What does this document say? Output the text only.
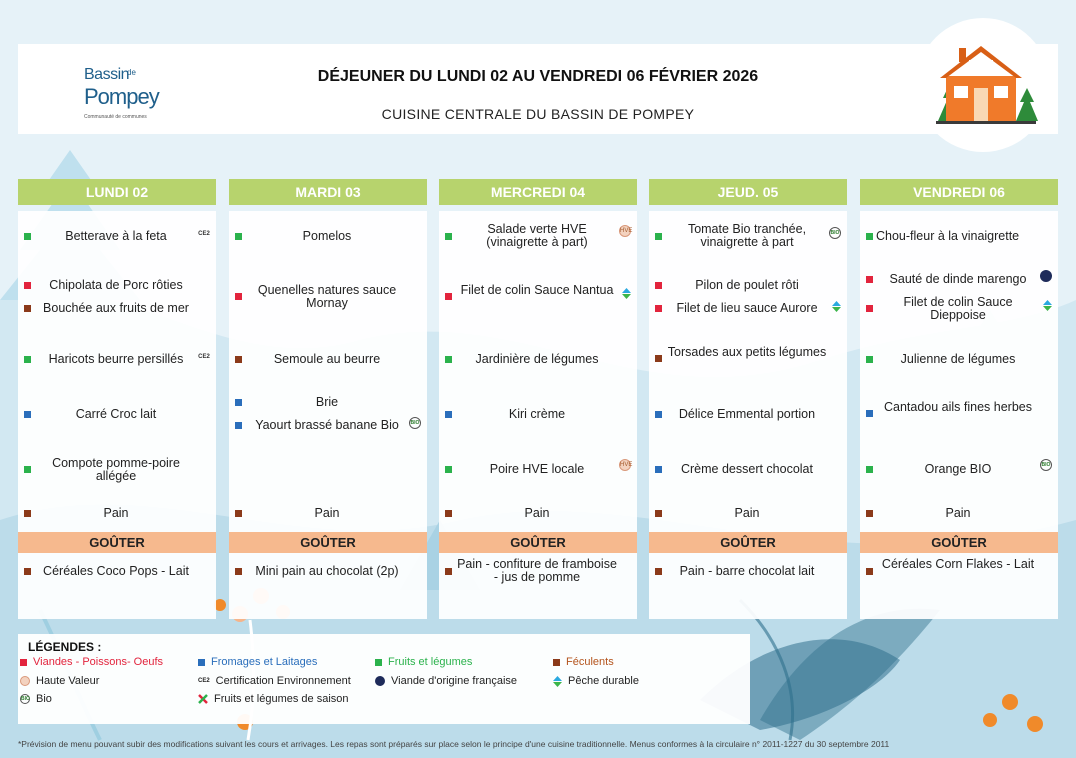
Bassin
de
Pompey
Communauté de communes
DÉJEUNER DU LUNDI 02 AU VENDREDI 06 FÉVRIER 2026
CUISINE CENTRALE DU BASSIN DE POMPEY
LUNDI 02
Betterave à la feta	CE2
Chipolata de Porc rôties
Bouchée aux fruits de mer
Haricots beurre persillés	CE2
Carré Croc lait
Compote pomme-poire allégée
Pain
GOÛTER
Céréales Coco Pops - Lait
MARDI 03
Pomelos
Quenelles natures sauce Mornay
Semoule au beurre
Brie
Yaourt brassé banane Bio	BIO
Pain
GOÛTER
Mini pain au chocolat (2p)
MERCREDI 04
Salade verte HVE (vinaigrette à part)
HVE
Filet de colin Sauce Nantua
Jardinière de légumes
Kiri crème
Poire HVE locale	HVE
Pain
GOÛTER
Pain - confiture de framboise - jus de pomme
JEUD. 05
Tomate Bio tranchée, vinaigrette à part
BIO
Pilon de poulet rôti
Filet de lieu sauce Aurore
Torsades aux petits légumes
Délice Emmental portion
Crème dessert chocolat
Pain
GOÛTER
Pain - barre chocolat lait
VENDREDI 06
Chou-fleur à la vinaigrette
Sauté de dinde marengo
Filet de colin Sauce Dieppoise
Julienne de légumes
Cantadou ails fines herbes
Orange BIO	BIO
Pain
GOÛTER
Céréales Corn Flakes - Lait
LÉGENDES :
Viandes - Poissons- Oeufs	Fromages et Laitages	Fruits et légumes	Féculents
Haute Valeur	CE2 Certification Environnement	Viande d'origine française	Pêche durable
BIO Bio	Fruits et légumes de saison
*Prévision de menu pouvant subir des modifications suivant les cours et arrivages. Les repas sont préparés sur place selon le principe d'une cuisine traditionnelle. Menus conformes à la circulaire n° 2011-1227 du 30 septembre 2011
